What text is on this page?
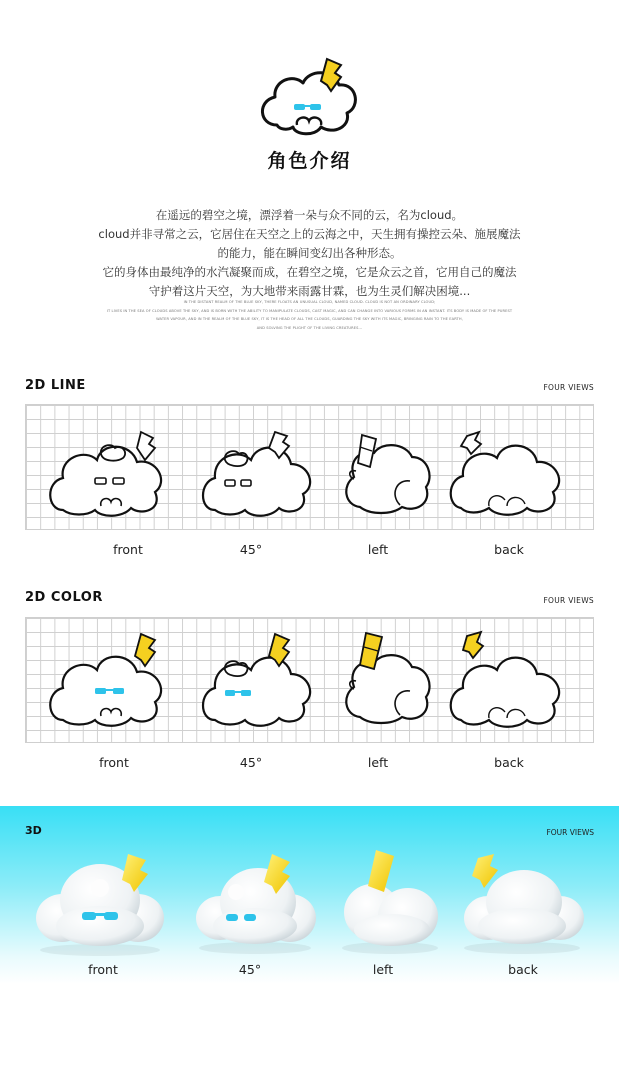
角色介绍
在遥远的碧空之境，漂浮着一朵与众不同的云，名为cloud。
cloud并非寻常之云，它居住在天空之上的云海之中，天生拥有操控云朵、施展魔法
的能力，能在瞬间变幻出各种形态。
它的身体由最纯净的水汽凝聚而成，在碧空之境，它是众云之首，它用自己的魔法
守护着这片天空，为大地带来雨露甘霖，也为生灵们解决困境...
IN THE DISTANT REALM OF THE BLUE SKY, THERE FLOATS AN UNUSUAL CLOUD, NAMED CLOUD. CLOUD IS NOT AN ORDINARY CLOUD;
IT LIVES IN THE SEA OF CLOUDS ABOVE THE SKY, AND IS BORN WITH THE ABILITY TO MANIPULATE CLOUDS, CAST MAGIC, AND CAN CHANGE INTO VARIOUS FORMS IN AN INSTANT. ITS BODY IS MADE OF THE PUREST
WATER VAPOUR, AND IN THE REALM OF THE BLUE SKY, IT IS THE HEAD OF ALL THE CLOUDS, GUARDING THE SKY WITH ITS MAGIC, BRINGING RAIN TO THE EARTH,
AND SOLVING THE PLIGHT OF THE LIVING CREATURES...
2D LINE	FOUR VIEWS
front	45°	left	back
2D COLOR	FOUR VIEWS
front	45°	left	back
3D	FOUR VIEWS
front	45°	left	back
